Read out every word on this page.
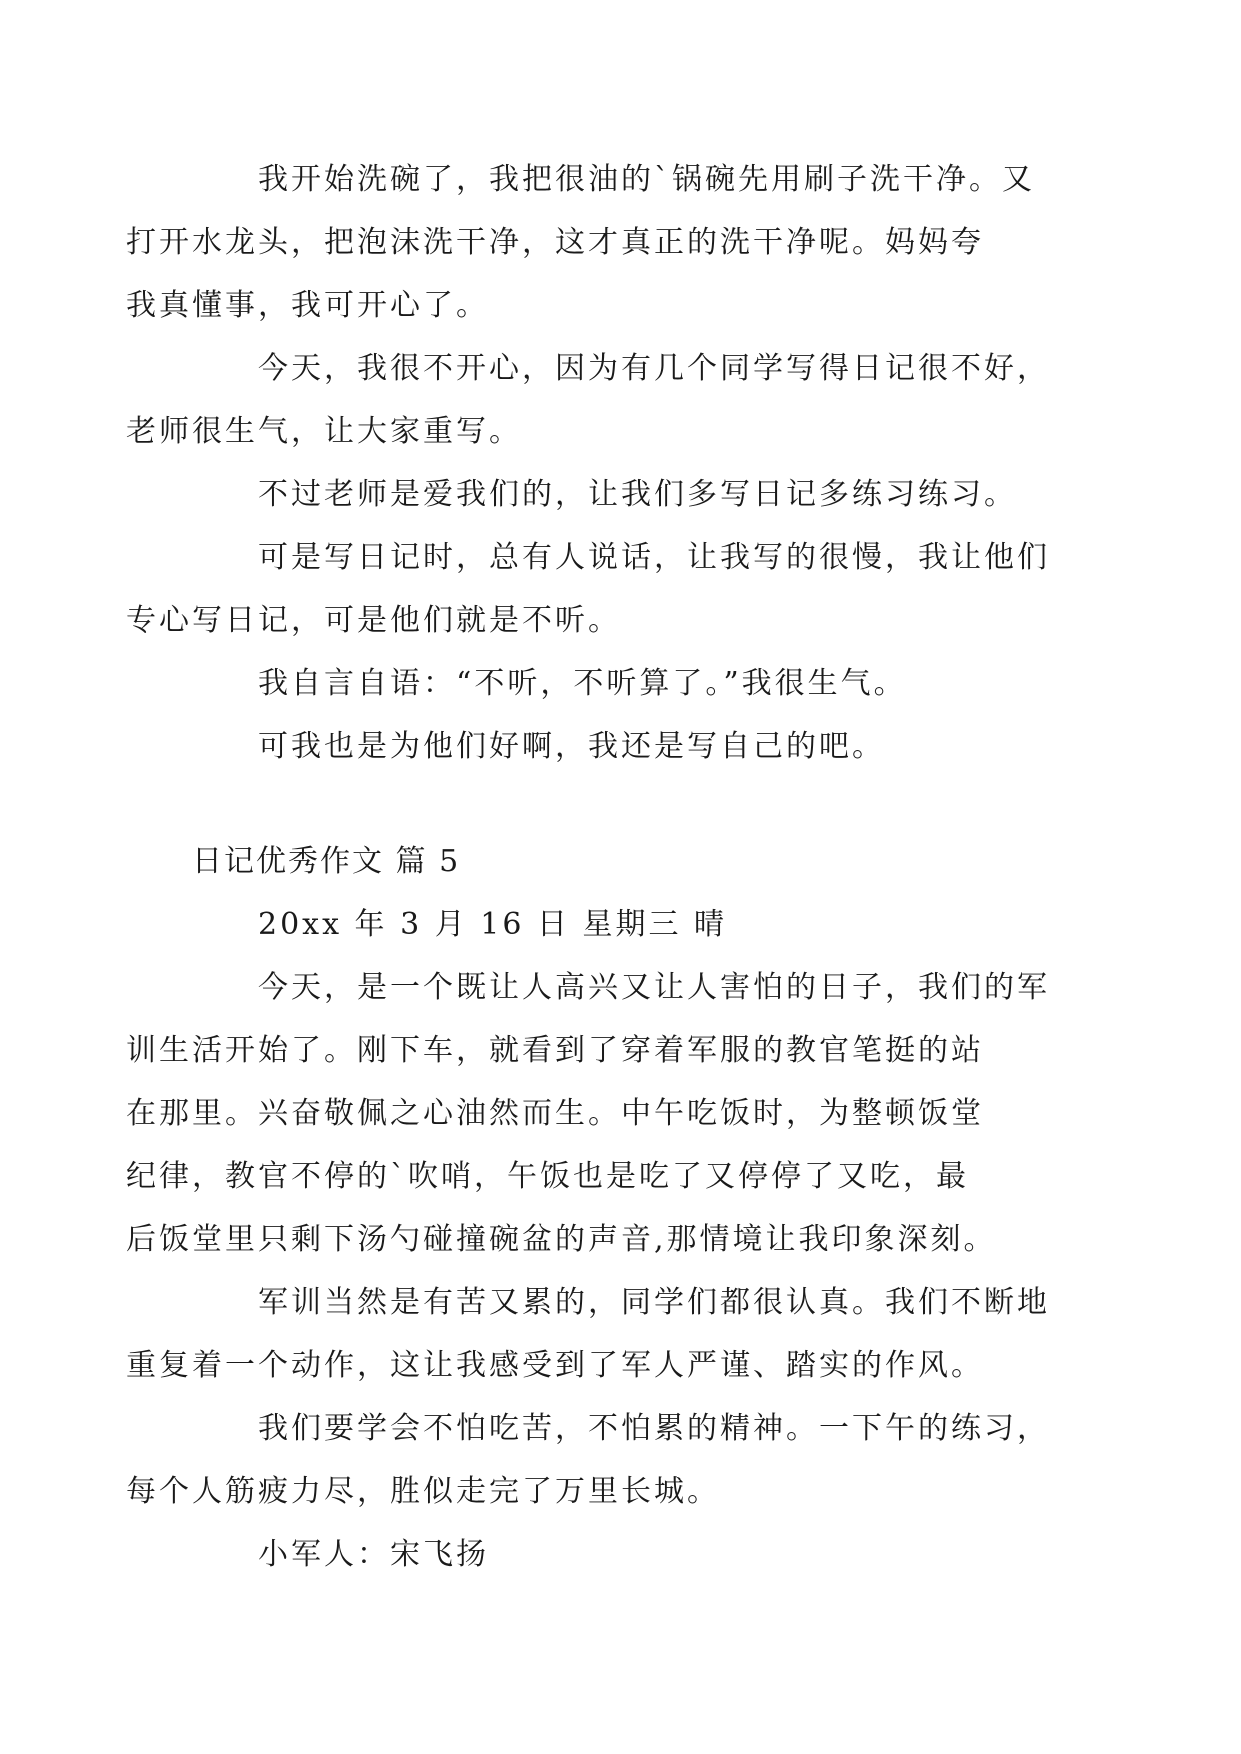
我开始洗碗了，我把很油的`锅碗先用刷子洗干净。又
打开水龙头，把泡沫洗干净，这才真正的洗干净呢。妈妈夸
我真懂事，我可开心了。

今天，我很不开心，因为有几个同学写得日记很不好，
老师很生气，让大家重写。

不过老师是爱我们的，让我们多写日记多练习练习。

可是写日记时，总有人说话，让我写的很慢，我让他们
专心写日记，可是他们就是不听。

我自言自语：“不听，不听算了。”我很生气。

可我也是为他们好啊，我还是写自己的吧。

日记优秀作文 篇 5

20xx 年 3 月 16 日 星期三 晴

今天，是一个既让人高兴又让人害怕的日子，我们的军
训生活开始了。刚下车，就看到了穿着军服的教官笔挺的站
在那里。兴奋敬佩之心油然而生。中午吃饭时，为整顿饭堂
纪律，教官不停的`吹哨，午饭也是吃了又停停了又吃，最
后饭堂里只剩下汤勺碰撞碗盆的声音,那情境让我印象深刻。

军训当然是有苦又累的，同学们都很认真。我们不断地
重复着一个动作，这让我感受到了军人严谨、踏实的作风。

我们要学会不怕吃苦，不怕累的精神。一下午的练习，
每个人筋疲力尽，胜似走完了万里长城。

小军人：宋飞扬
